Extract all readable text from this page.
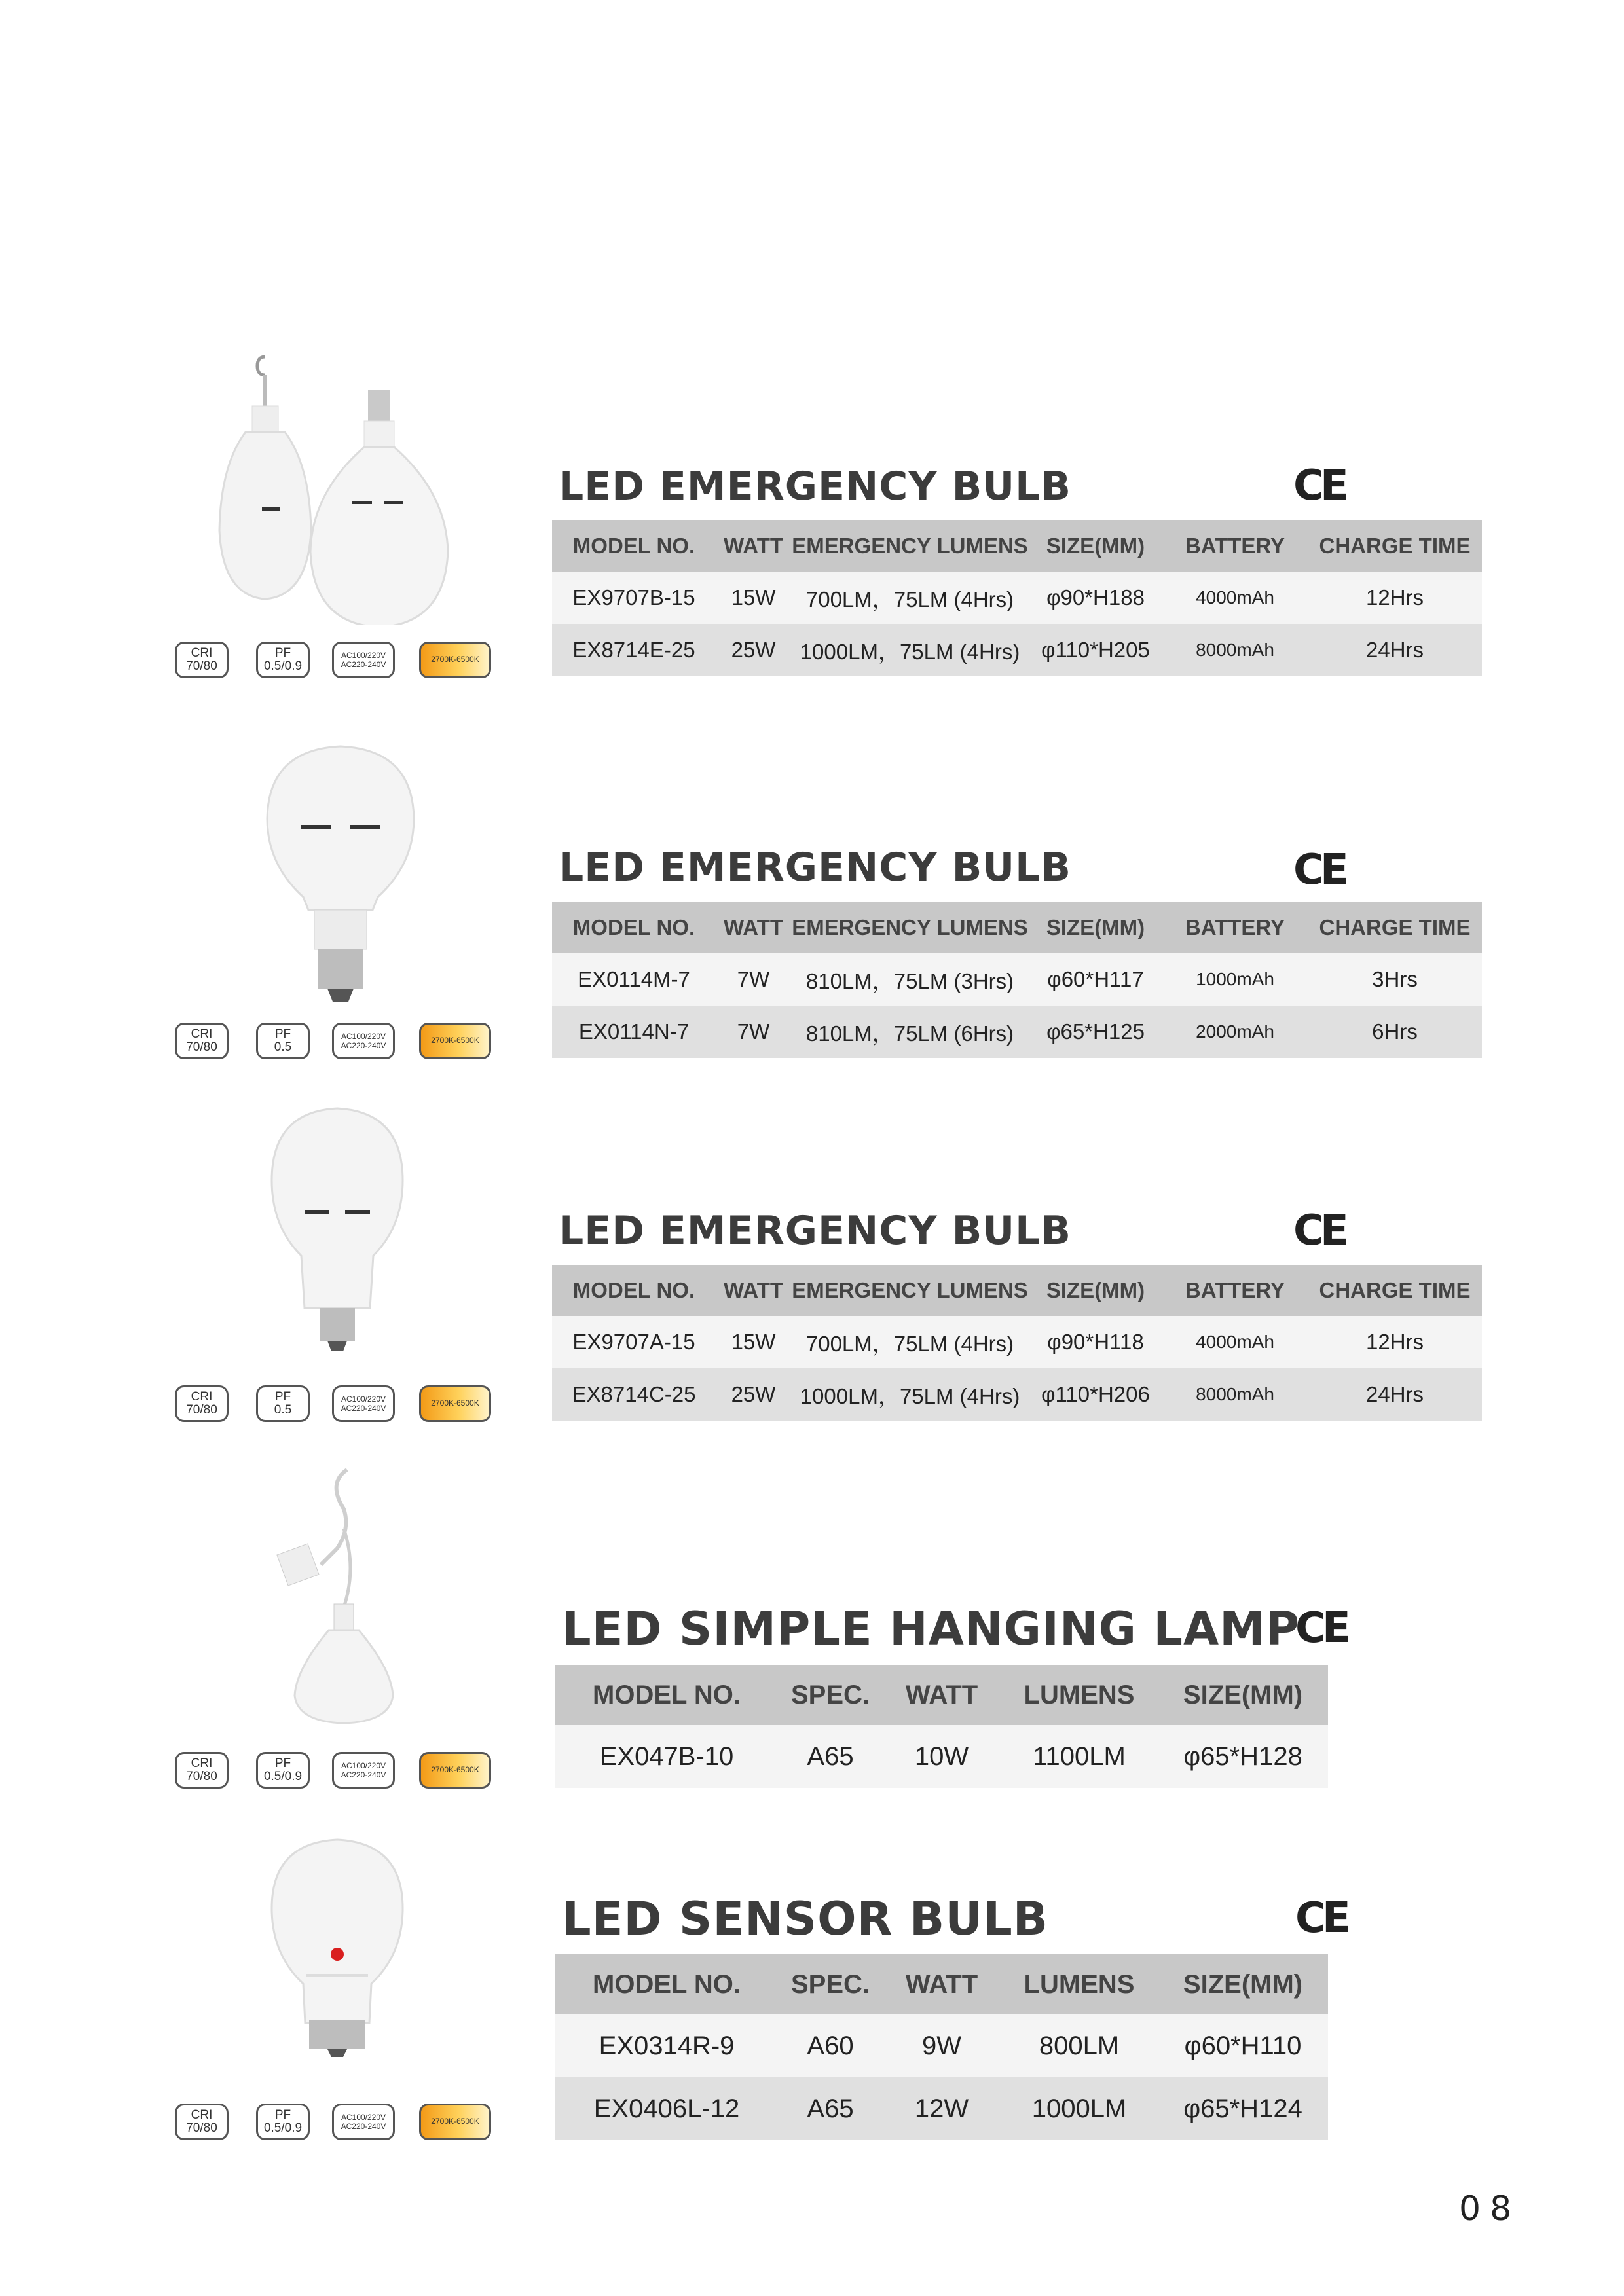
LED EMERGENCY BULB	CE
MODEL NO.	WATT	EMERGENCY LUMENS	SIZE(MM)	BATTERY	CHARGE TIME
EX9707B-15	15W	700LM，75LM (4Hrs)	φ90*H188	4000mAh	12Hrs
EX8714E-25	25W	1000LM，75LM (4Hrs)	φ110*H205	8000mAh	24Hrs
CRI
70/80
PF
0.5/0.9
AC100/220V
AC220-240V
2700K-6500K
LED EMERGENCY BULB	CE
MODEL NO.	WATT	EMERGENCY LUMENS	SIZE(MM)	BATTERY	CHARGE TIME
EX0114M-7	7W	810LM，75LM (3Hrs)	φ60*H117	1000mAh	3Hrs
EX0114N-7	7W	810LM，75LM (6Hrs)	φ65*H125	2000mAh	6Hrs
CRI
70/80
PF
0.5
AC100/220V
AC220-240V
2700K-6500K
LED EMERGENCY BULB	CE
MODEL NO.	WATT	EMERGENCY LUMENS	SIZE(MM)	BATTERY	CHARGE TIME
EX9707A-15	15W	700LM，75LM (4Hrs)	φ90*H118	4000mAh	12Hrs
EX8714C-25	25W	1000LM，75LM (4Hrs)	φ110*H206	8000mAh	24Hrs
CRI
70/80
PF
0.5
AC100/220V
AC220-240V
2700K-6500K
LED SIMPLE HANGING LAMP
CE
MODEL NO.	SPEC.	WATT	LUMENS	SIZE(MM)
EX047B-10	A65	10W	1100LM	φ65*H128
CRI
70/80
PF
0.5/0.9
AC100/220V
AC220-240V
2700K-6500K
LED SENSOR BULB	CE
MODEL NO.	SPEC.	WATT	LUMENS	SIZE(MM)
EX0314R-9	A60	9W	800LM	φ60*H110
EX0406L-12	A65	12W	1000LM	φ65*H124
CRI
70/80
PF
0.5/0.9
AC100/220V
AC220-240V
2700K-6500K
08
